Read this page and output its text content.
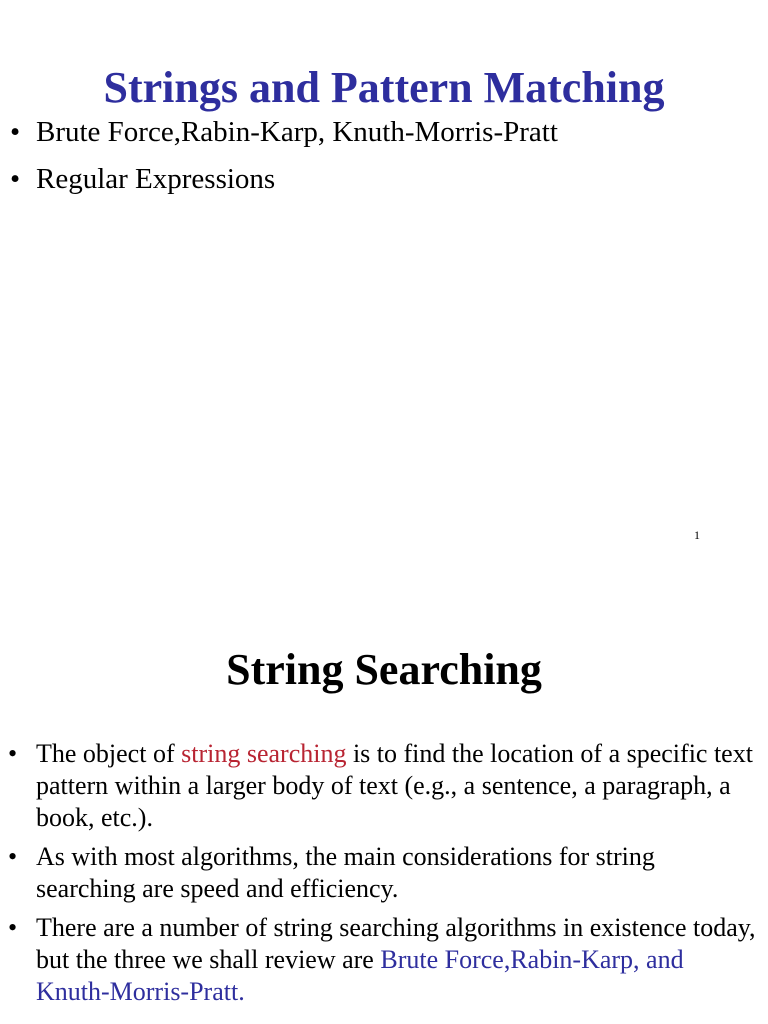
Strings and Pattern Matching
• Brute Force,Rabin-Karp, Knuth-Morris-Pratt
• Regular Expressions
1
String Searching
• The object of string searching is to find the location of a specific text pattern within a larger body of text (e.g., a sentence, a paragraph, a book, etc.).
• As with most algorithms, the main considerations for string searching are speed and efficiency.
• There are a number of string searching algorithms in existence today, but the three we shall review are Brute Force,Rabin-Karp, and Knuth-Morris-Pratt.
